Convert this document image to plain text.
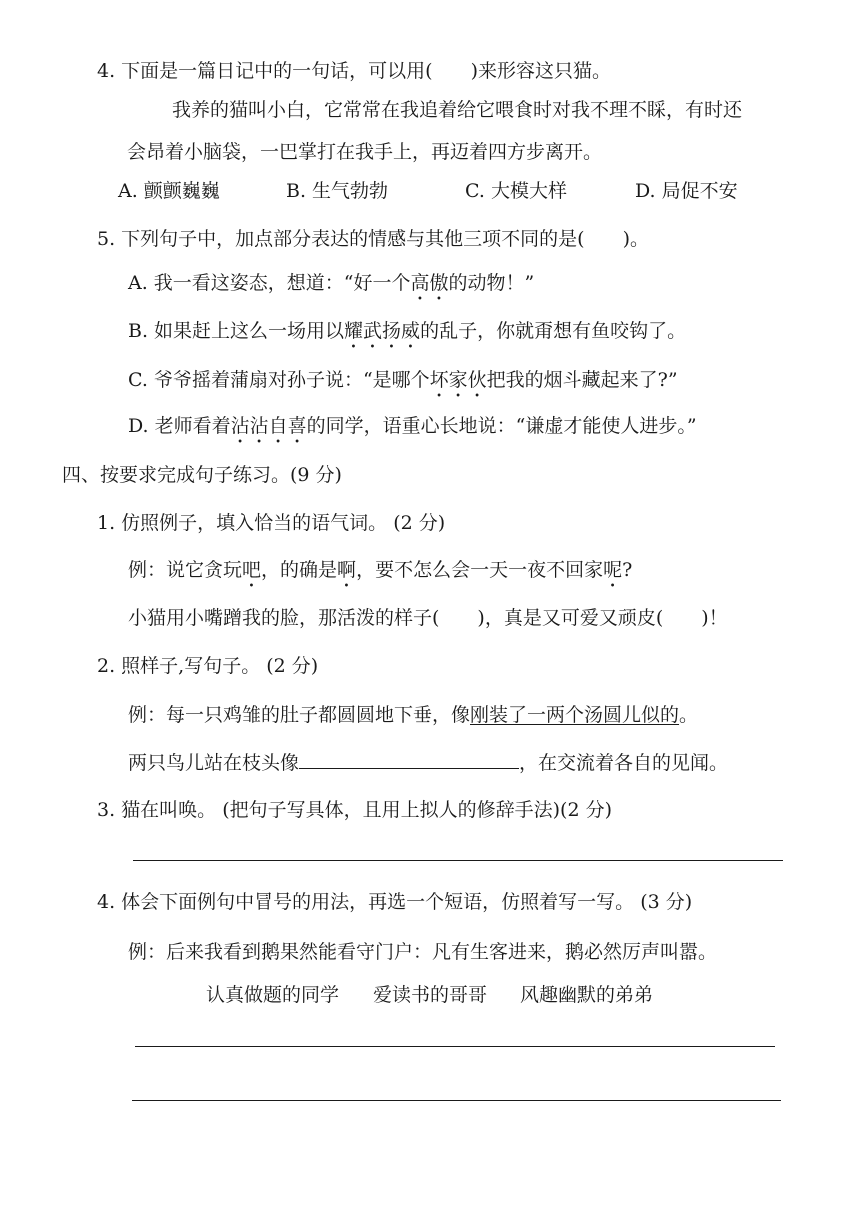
4. 下面是一篇日记中的一句话，可以用(　　)来形容这只猫。
我养的猫叫小白，它常常在我追着给它喂食时对我不理不睬，有时还
会昂着小脑袋，一巴掌打在我手上，再迈着四方步离开。
A. 颤颤巍巍	B. 生气勃勃	C. 大模大样	D. 局促不安
5. 下列句子中，加点部分表达的情感与其他三项不同的是(　　)。
A. 我一看这姿态，想道：“好一个高傲的动物！”
B. 如果赶上这么一场用以耀武扬威的乱子，你就甭想有鱼咬钩了。
C. 爷爷摇着蒲扇对孙子说：“是哪个坏家伙把我的烟斗藏起来了?”
D. 老师看着沾沾自喜的同学，语重心长地说：“谦虚才能使人进步。”
四、按要求完成句子练习。(9 分)
1. 仿照例子，填入恰当的语气词。 (2 分)
例：说它贪玩吧，的确是啊，要不怎么会一天一夜不回家呢?
小猫用小嘴蹭我的脸，那活泼的样子(　　)，真是又可爱又顽皮(　　)！
2. 照样子,写句子。 (2 分)
例：每一只鸡雏的肚子都圆圆地下垂，像刚装了一两个汤圆儿似的。
两只鸟儿站在枝头像	，在交流着各自的见闻。
3. 猫在叫唤。 (把句子写具体，且用上拟人的修辞手法)(2 分)
4. 体会下面例句中冒号的用法，再选一个短语，仿照着写一写。 (3 分)
例：后来我看到鹅果然能看守门户：凡有生客进来，鹅必然厉声叫嚣。
认真做题的同学 爱读书的哥哥 风趣幽默的弟弟
